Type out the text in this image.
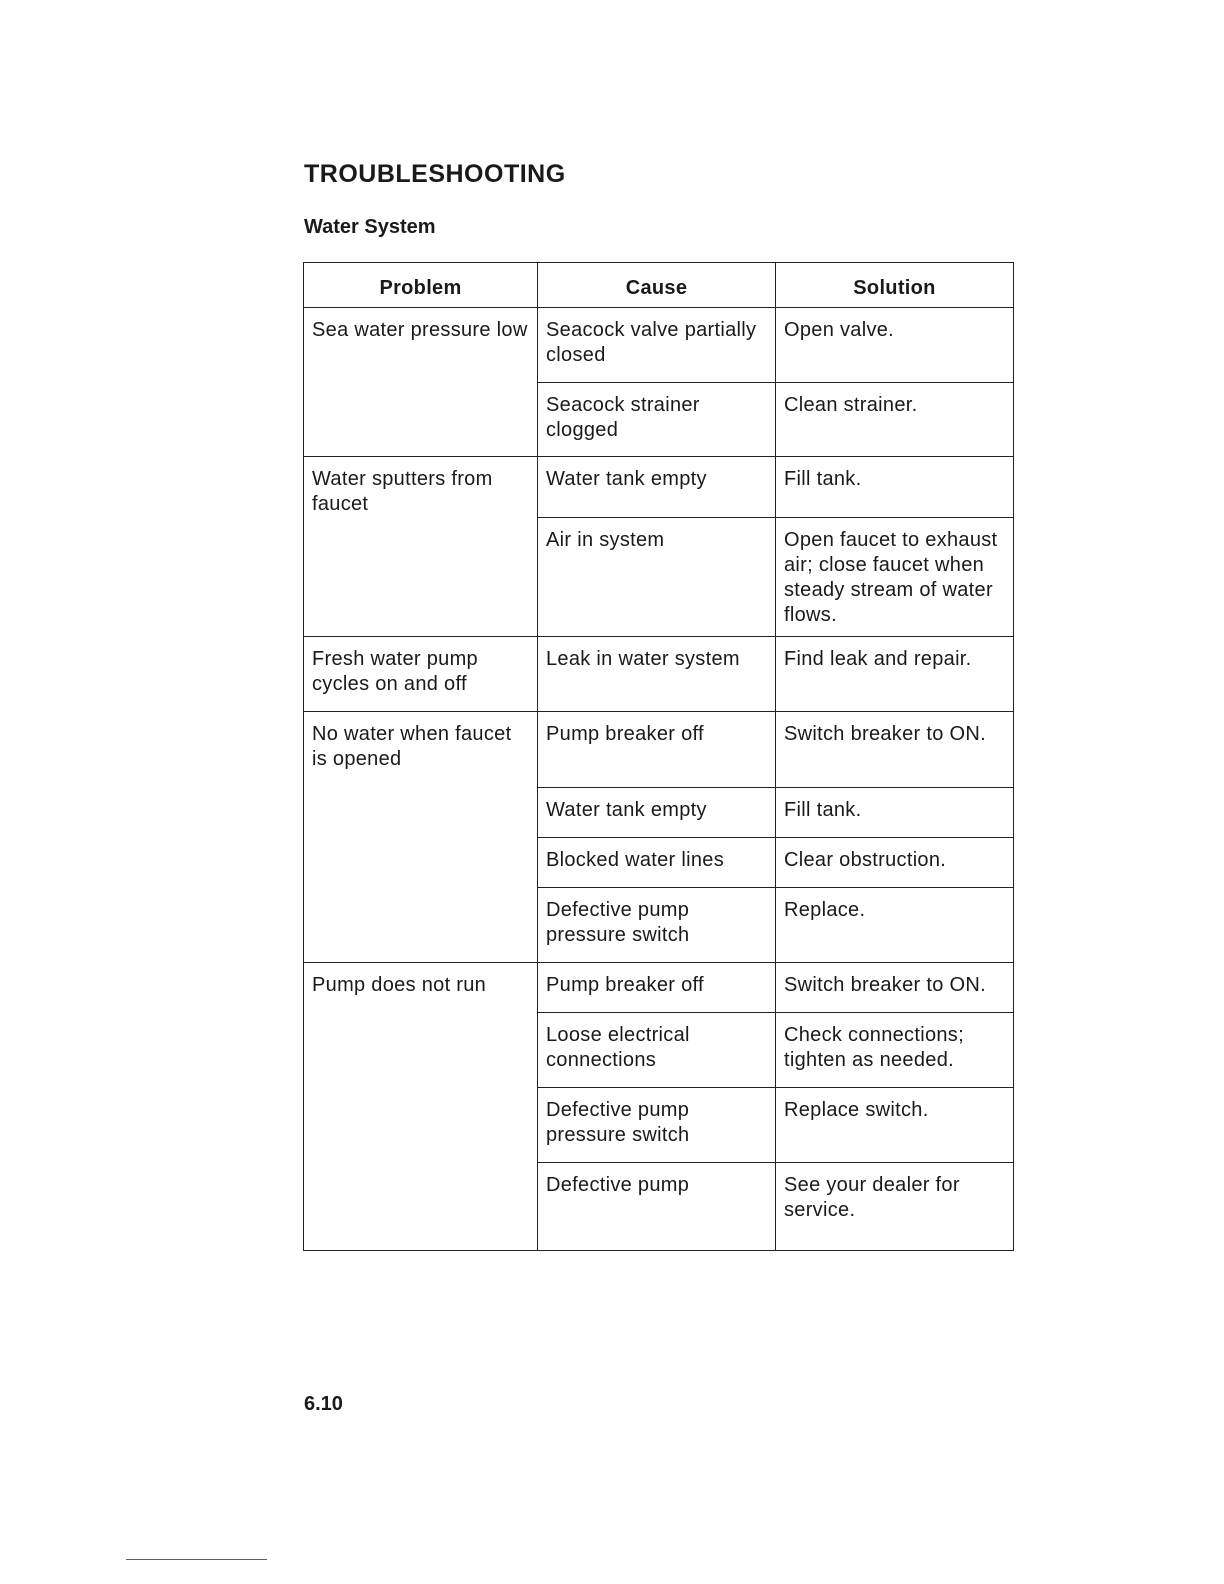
TROUBLESHOOTING
Water System
Problem	Cause	Solution
Sea water pressure low	Seacock valve partially closed	Open valve.
	Seacock strainer clogged	Clean strainer.
Water sputters from faucet	Water tank empty	Fill tank.
	Air in system	Open faucet to exhaust air; close faucet when steady stream of water flows.
Fresh water pump cycles on and off	Leak in water system	Find leak and repair.
No water when faucet is opened	Pump breaker off	Switch breaker to ON.
	Water tank empty	Fill tank.
	Blocked water lines	Clear obstruction.
	Defective pump pressure switch	Replace.
Pump does not run	Pump breaker off	Switch breaker to ON.
	Loose electrical connections	Check connections; tighten as needed.
	Defective pump pressure switch	Replace switch.
	Defective pump	See your dealer for service.
6.10
